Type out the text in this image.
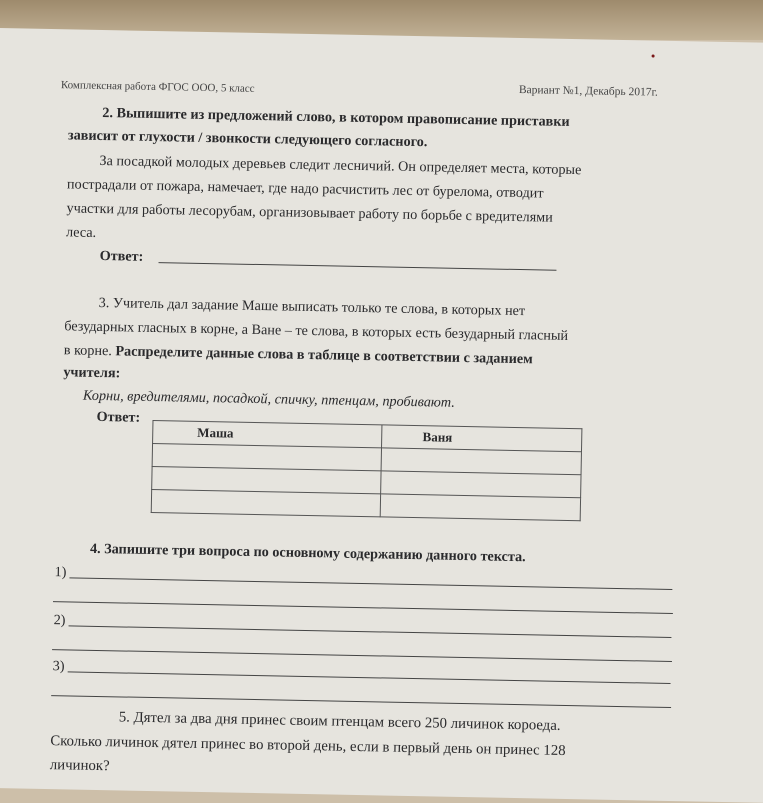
Комплексная работа ФГОС ООО, 5 класс	Вариант №1, Декабрь 2017г.
2. Выпишите из предложений слово, в котором правописание приставки
зависит от глухости / звонкости следующего согласного.
За посадкой молодых деревьев следит лесничий. Он определяет места, которые
пострадали от пожара, намечает, где надо расчистить лес от бурелома, отводит
участки для работы лесорубам, организовывает работу по борьбе с вредителями
леса.
Ответ:
3. Учитель дал задание Маше выписать только те слова, в которых нет
безударных гласных в корне, а Ване – те слова, в которых есть безударный гласный
в корне. Распределите данные слова в таблице в соответствии с заданием
учителя:
Корни, вредителями, посадкой, спичку, птенцам, пробивают.
Ответ:
Маша	Ваня

4. Запишите три вопроса по основному содержанию данного текста.
1)
2)
3)
5. Дятел за два дня принес своим птенцам всего 250 личинок короеда.
Сколько личинок дятел принес во второй день, если в первый день он принес 128
личинок?
